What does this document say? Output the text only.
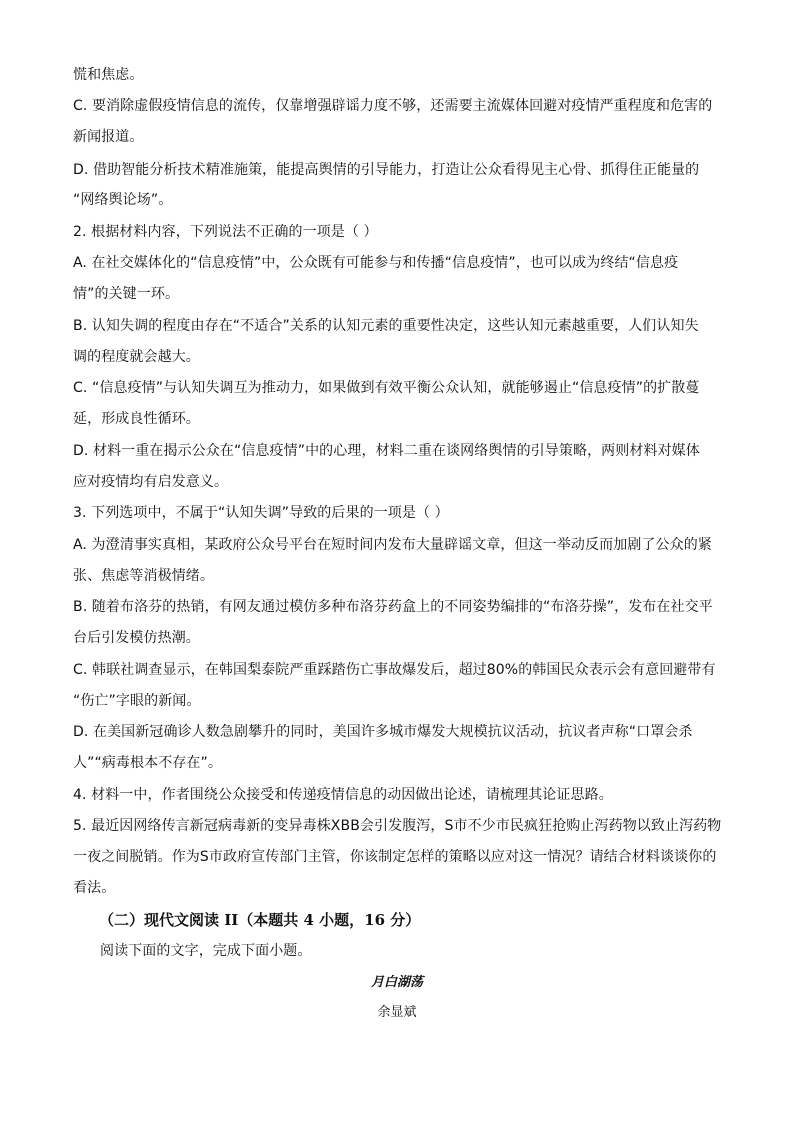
慌和焦虑。
C. 要消除虚假疫情信息的流传，仅靠增强辟谣力度不够，还需要主流媒体回避对疫情严重程度和危害的
新闻报道。
D. 借助智能分析技术精准施策，能提高舆情的引导能力，打造让公众看得见主心骨、抓得住正能量的
“网络舆论场”。
2. 根据材料内容，下列说法不正确的一项是（ ）
A. 在社交媒体化的“信息疫情”中，公众既有可能参与和传播“信息疫情”，也可以成为终结“信息疫
情”的关键一环。
B. 认知失调的程度由存在“不适合”关系的认知元素的重要性决定，这些认知元素越重要，人们认知失
调的程度就会越大。
C. “信息疫情”与认知失调互为推动力，如果做到有效平衡公众认知，就能够遏止“信息疫情”的扩散蔓
延，形成良性循环。
D. 材料一重在揭示公众在“信息疫情”中的心理，材料二重在谈网络舆情的引导策略，两则材料对媒体
应对疫情均有启发意义。
3. 下列选项中，不属于“认知失调”导致的后果的一项是（ ）
A. 为澄清事实真相，某政府公众号平台在短时间内发布大量辟谣文章，但这一举动反而加剧了公众的紧
张、焦虑等消极情绪。
B. 随着布洛芬的热销，有网友通过模仿多种布洛芬药盒上的不同姿势编排的“布洛芬操”，发布在社交平
台后引发模仿热潮。
C. 韩联社调查显示，在韩国梨泰院严重踩踏伤亡事故爆发后，超过80%的韩国民众表示会有意回避带有
“伤亡”字眼的新闻。
D. 在美国新冠确诊人数急剧攀升的同时，美国许多城市爆发大规模抗议活动，抗议者声称“口罩会杀
人”“病毒根本不存在”。
4. 材料一中，作者围绕公众接受和传递疫情信息的动因做出论述，请梳理其论证思路。
5. 最近因网络传言新冠病毒新的变异毒株XBB会引发腹泻，S市不少市民疯狂抢购止泻药物以致止泻药物
一夜之间脱销。作为S市政府宣传部门主管，你该制定怎样的策略以应对这一情况？请结合材料谈谈你的
看法。
（二）现代文阅读 II（本题共 4 小题，16 分）
阅读下面的文字，完成下面小题。
月白湖荡
余显斌
